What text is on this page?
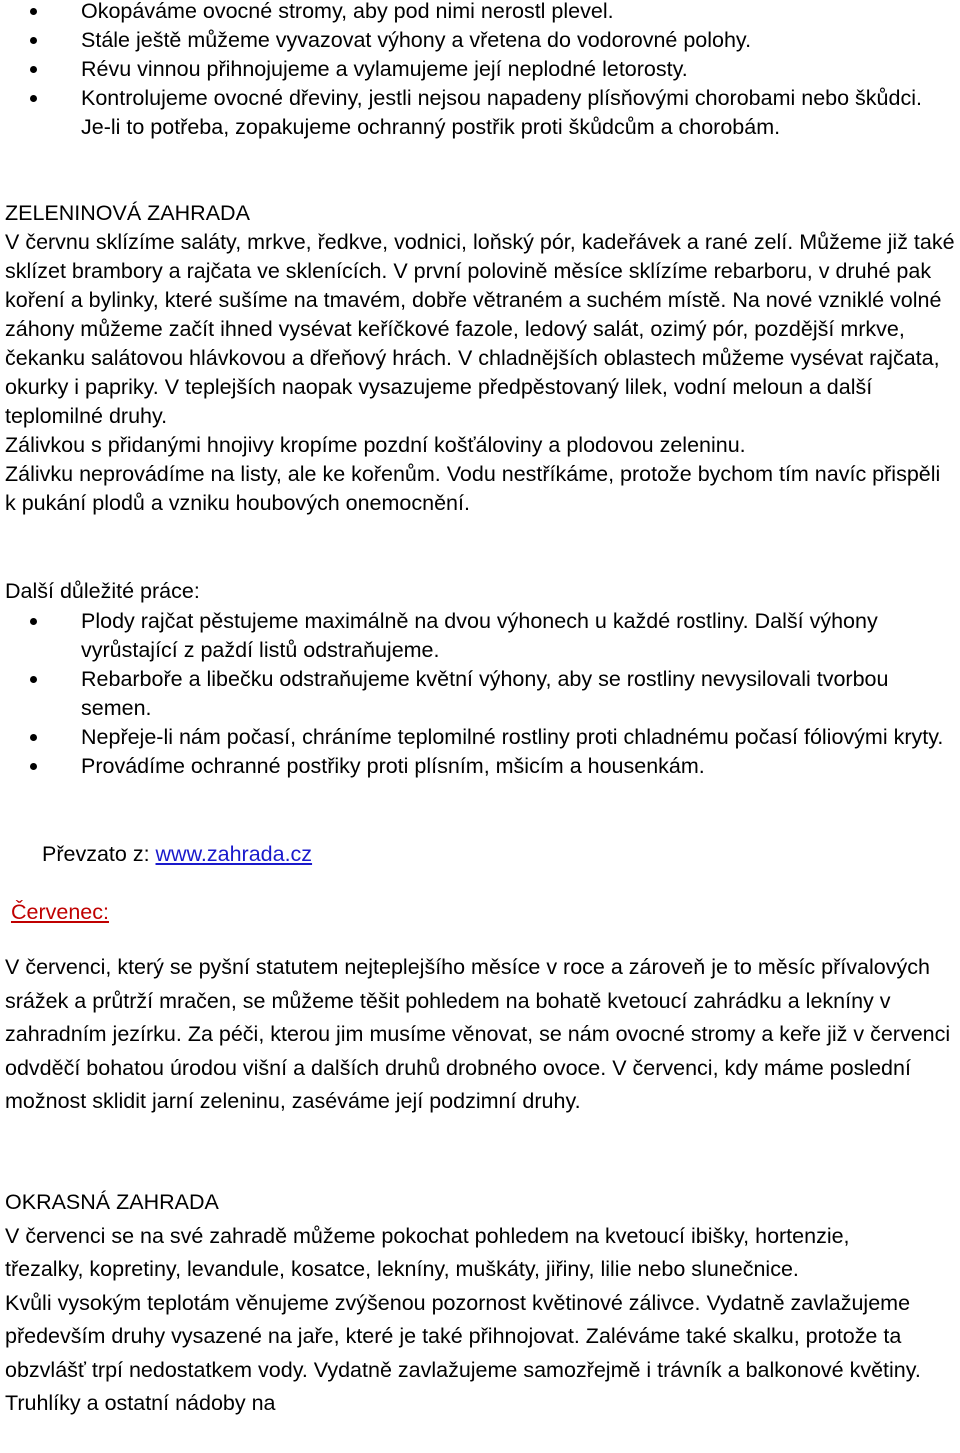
Okopáváme ovocné stromy, aby pod nimi nerostl plevel.
Stále ještě můžeme vyvazovat výhony a vřetena do vodorovné polohy.
Révu vinnou přihnojujeme a vylamujeme její neplodné letorosty.
Kontrolujeme ovocné dřeviny, jestli nejsou napadeny plísňovými chorobami nebo škůdci. Je-li to potřeba, zopakujeme ochranný postřik proti škůdcům a chorobám.

ZELENINOVÁ ZAHRADA

V červnu sklízíme saláty, mrkve, ředkve, vodnici, loňský pór, kadeřávek a rané zelí. Můžeme již také sklízet brambory a rajčata ve sklenících. V první polovině měsíce sklízíme rebarboru, v druhé pak koření a bylinky, které sušíme na tmavém, dobře větraném a suchém místě. Na nové vzniklé volné záhony můžeme začít ihned vysévat keříčkové fazole, ledový salát, ozimý pór, pozdější mrkve, čekanku salátovou hlávkovou a dřeňový hrách. V chladnějších oblastech můžeme vysévat rajčata, okurky i papriky. V teplejších naopak vysazujeme předpěstovaný lilek, vodní meloun a další teplomilné druhy.

Zálivkou s přidanými hnojivy kropíme pozdní košťáloviny a plodovou zeleninu.

Zálivku neprovádíme na listy, ale ke kořenům. Vodu nestříkáme, protože bychom tím navíc přispěli k pukání plodů a vzniku houbových onemocnění.

Další důležité práce:

Plody rajčat pěstujeme maximálně na dvou výhonech u každé rostliny. Další výhony vyrůstající z paždí listů odstraňujeme.
Rebarboře a libečku odstraňujeme květní výhony, aby se rostliny nevysilovali tvorbou semen.
Nepřeje-li nám počasí, chráníme teplomilné rostliny proti chladnému počasí fóliovými kryty.
Provádíme ochranné postřiky proti plísním, mšicím a housenkám.

Převzato z: www.zahrada.cz

Červenec:

V červenci, který se pyšní statutem nejteplejšího měsíce v roce a zároveň je to měsíc přívalových srážek a průtrží mračen, se můžeme těšit pohledem na bohatě kvetoucí zahrádku a lekníny v zahradním jezírku. Za péči, kterou jim musíme věnovat, se nám ovocné stromy a keře již v červenci odvděčí bohatou úrodou višní a dalších druhů drobného ovoce. V červenci, kdy máme poslední možnost sklidit jarní zeleninu, zaséváme její podzimní druhy.

OKRASNÁ ZAHRADA

V červenci se na své zahradě můžeme pokochat pohledem na kvetoucí ibišky, hortenzie, třezalky, kopretiny, levandule, kosatce, lekníny, muškáty, jiřiny, lilie nebo slunečnice.

Kvůli vysokým teplotám věnujeme zvýšenou pozornost květinové zálivce. Vydatně zavlažujeme především druhy vysazené na jaře, které je také přihnojovat. Zaléváme také skalku, protože ta obzvlášť trpí nedostatkem vody. Vydatně zavlažujeme samozřejmě i trávník a balkonové květiny. Truhlíky a ostatní nádoby na
